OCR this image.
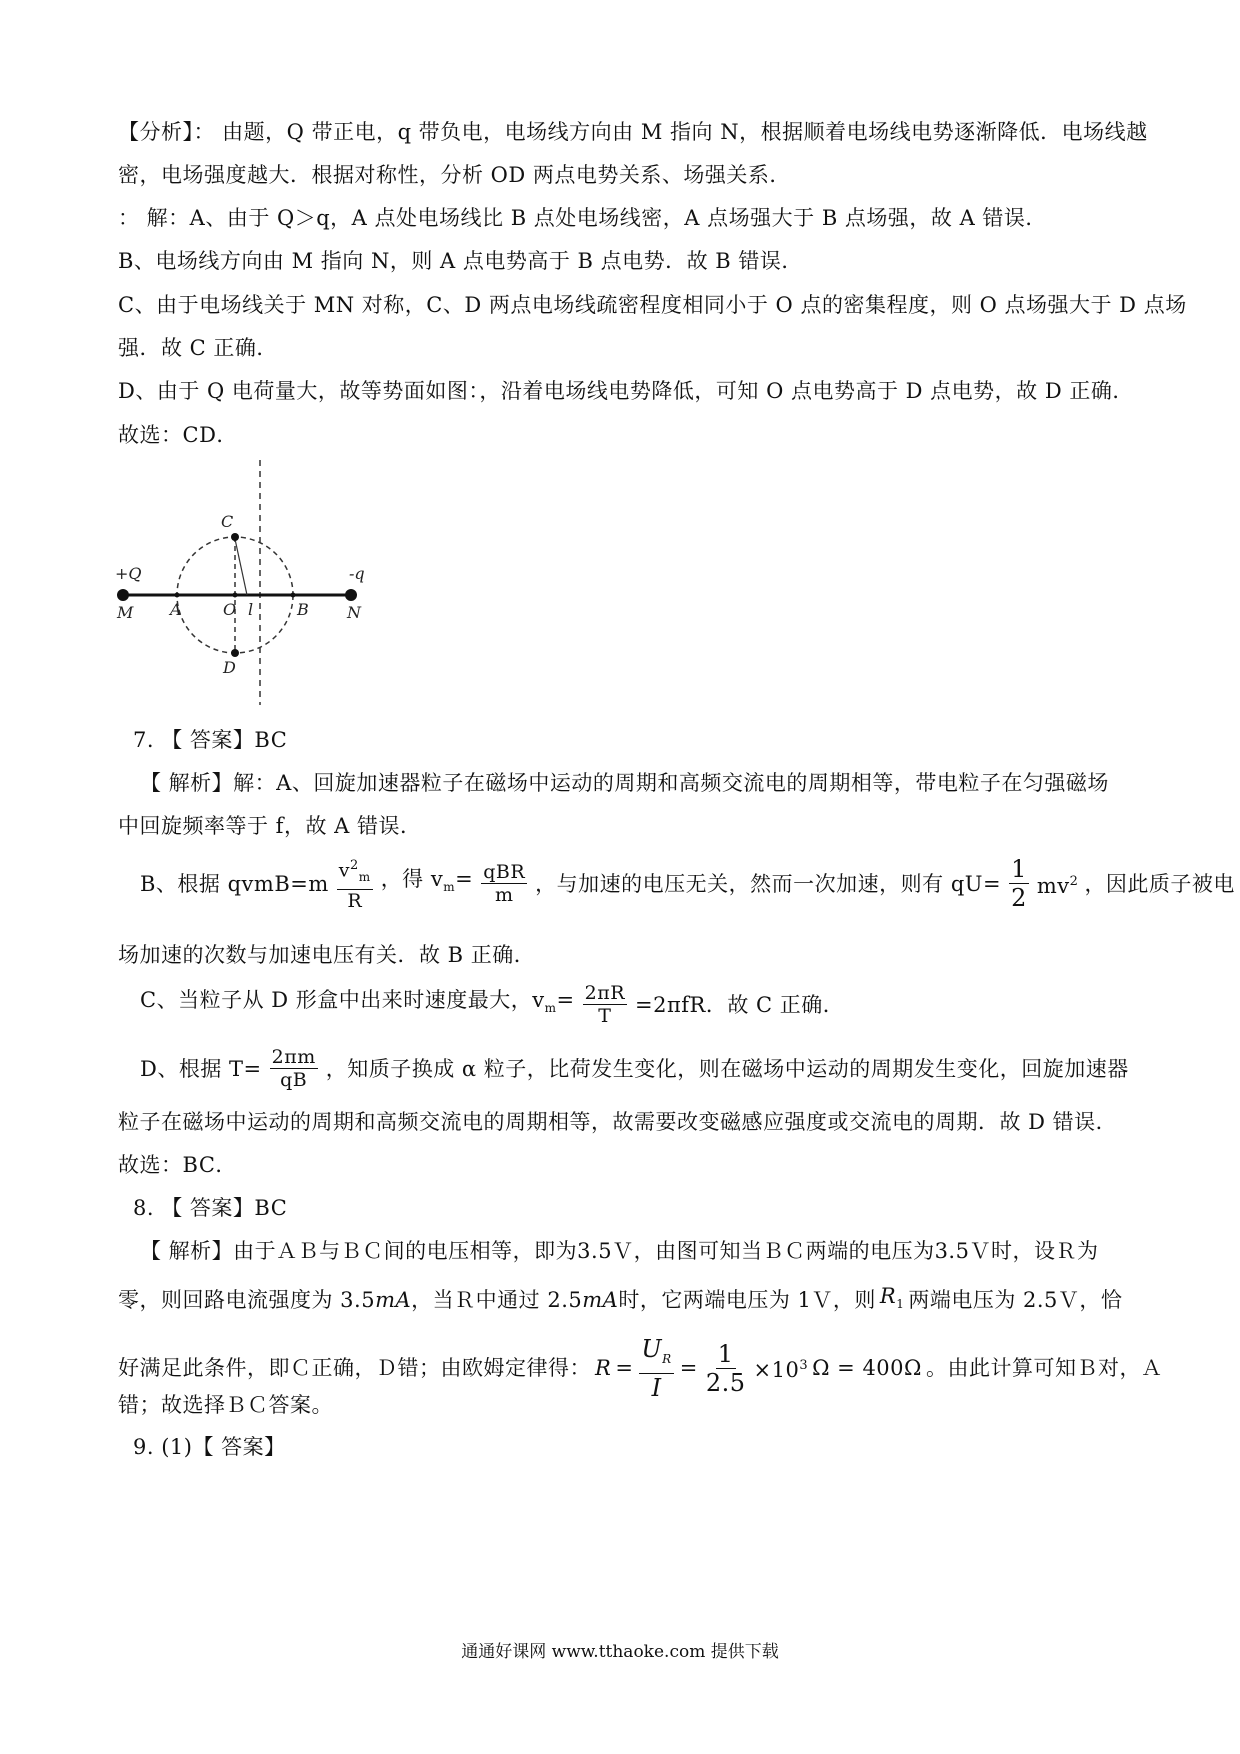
【分析】： 由题，Q 带正电，q 带负电，电场线方向由 M 指向 N，根据顺着电场线电势逐渐降低．电场线越
密，电场强度越大．根据对称性，分析 OD 两点电势关系、场强关系．
： 解：A、由于 Q＞q，A 点处电场线比 B 点处电场线密，A 点场强大于 B 点场强，故 A 错误．
B、电场线方向由 M 指向 N，则 A 点电势高于 B 点电势．故 B 错误．
C、由于电场线关于 MN 对称，C、D 两点电场线疏密程度相同小于 O 点的密集程度，则 O 点场强大于 D 点场
强．故 C 正确．
D、由于 Q 电荷量大，故等势面如图：，沿着电场线电势降低，可知 O 点电势高于 D 点电势，故 D 正确．
故选：CD．
+Q	-q
M	N
A	O l	B
C
D
7. 【 答案】BC
【 解析】解：A、回旋加速器粒子在磁场中运动的周期和高频交流电的周期相等，带电粒子在匀强磁场
中回旋频率等于 f，故 A 错误．
B、根据 qvmB=m $\frac{v^2_m}{R}$ ，得 $v_m= \frac{\text{qBR}}{m}$ ，与加速的电压无关，然而一次加速，则有 $qU= \frac{1}{2} mv^2$ ，因此质子被电
场加速的次数与加速电压有关．故 B 正确．
C、当粒子从 D 形盒中出来时速度最大，$v_m= \frac{2\pi R}{T} =2\pi fR$．故 C 正确．
D、根据 $T= \frac{2\pi m}{qB}$ ，知质子换成 α 粒子，比荷发生变化，则在磁场中运动的周期发生变化，回旋加速器
粒子在磁场中运动的周期和高频交流电的周期相等，故需要改变磁感应强度或交流电的周期．故 D 错误．
故选：BC．
8. 【 答案】BC
【 解析】由于ＡＢ与ＢＣ间的电压相等，即为3.5Ｖ，由图可知当ＢＣ两端的电压为3.5Ｖ时，设Ｒ为
零，则回路电流强度为 3.5 mA ，当Ｒ中通过 2.5 mA 时，它两端电压为 1Ｖ，则 $R_1$ 两端电压为 2.5Ｖ，恰
好满足此条件，即Ｃ正确，Ｄ错；由欧姆定律得： $R = \frac{U_R}{I} = \frac{1}{2.5} \times 10^3$ Ω = 400Ω 。由此计算可知Ｂ对，Ａ
错；故选择ＢＣ答案。
9. (1)【 答案】
通通好课网 www.tthaoke.com 提供下载
